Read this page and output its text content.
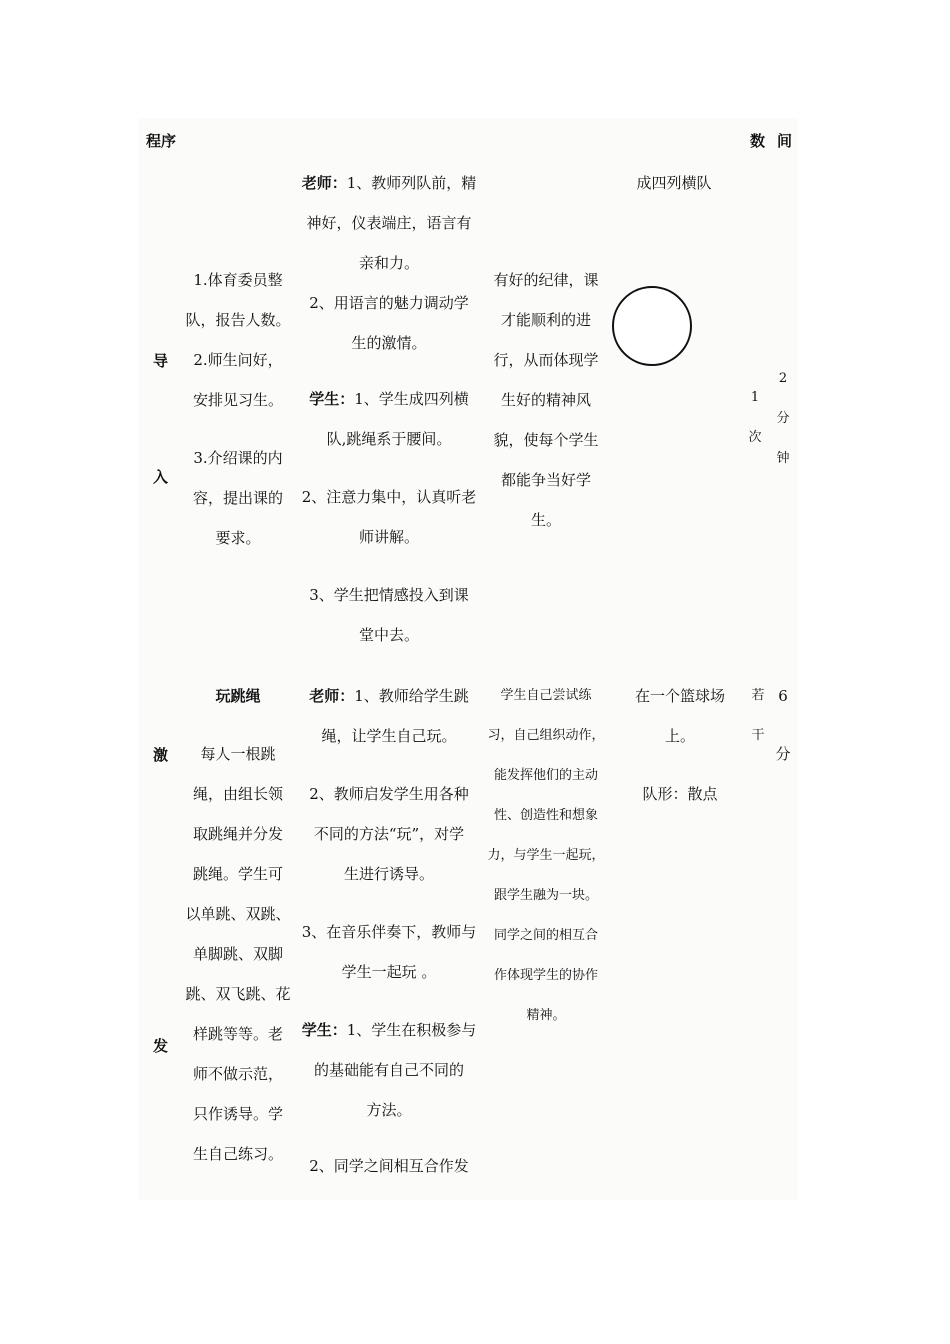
程序	数 间
导
入
1.体育委员整
队，报告人数。
2.师生问好，
安排见习生。
3.介绍课的内
容，提出课的
要求。
老师：1、教师列队前，精
神好，仪表端庄，语言有
亲和力。
2、用语言的魅力调动学
生的激情。
学生：1、学生成四列横
队,跳绳系于腰间。
2、注意力集中，认真听老
师讲解。
3、学生把情感投入到课
堂中去。
有好的纪律，课
才能顺利的进
行，从而体现学
生好的精神风
貌，使每个学生
都能争当好学
生。
成四列横队
1
次
2
分
钟
激
发
玩跳绳
每人一根跳
绳，由组长领
取跳绳并分发
跳绳。学生可
以单跳、双跳、
单脚跳、双脚
跳、双飞跳、花
样跳等等。老
师不做示范，
只作诱导。学
生自己练习。
老师：1、教师给学生跳
绳，让学生自己玩。
2、教师启发学生用各种
不同的方法“玩”，对学
生进行诱导。
3、在音乐伴奏下，教师与
学生一起玩 。
学生：1、学生在积极参与
的基础能有自己不同的
方法。
2、同学之间相互合作发
学生自己尝试练
习，自己组织动作，
能发挥他们的主动
性、创造性和想象
力，与学生一起玩，
跟学生融为一块。
同学之间的相互合
作体现学生的协作
精神。
在一个篮球场
上。
队形：散点
若
干
6
分
